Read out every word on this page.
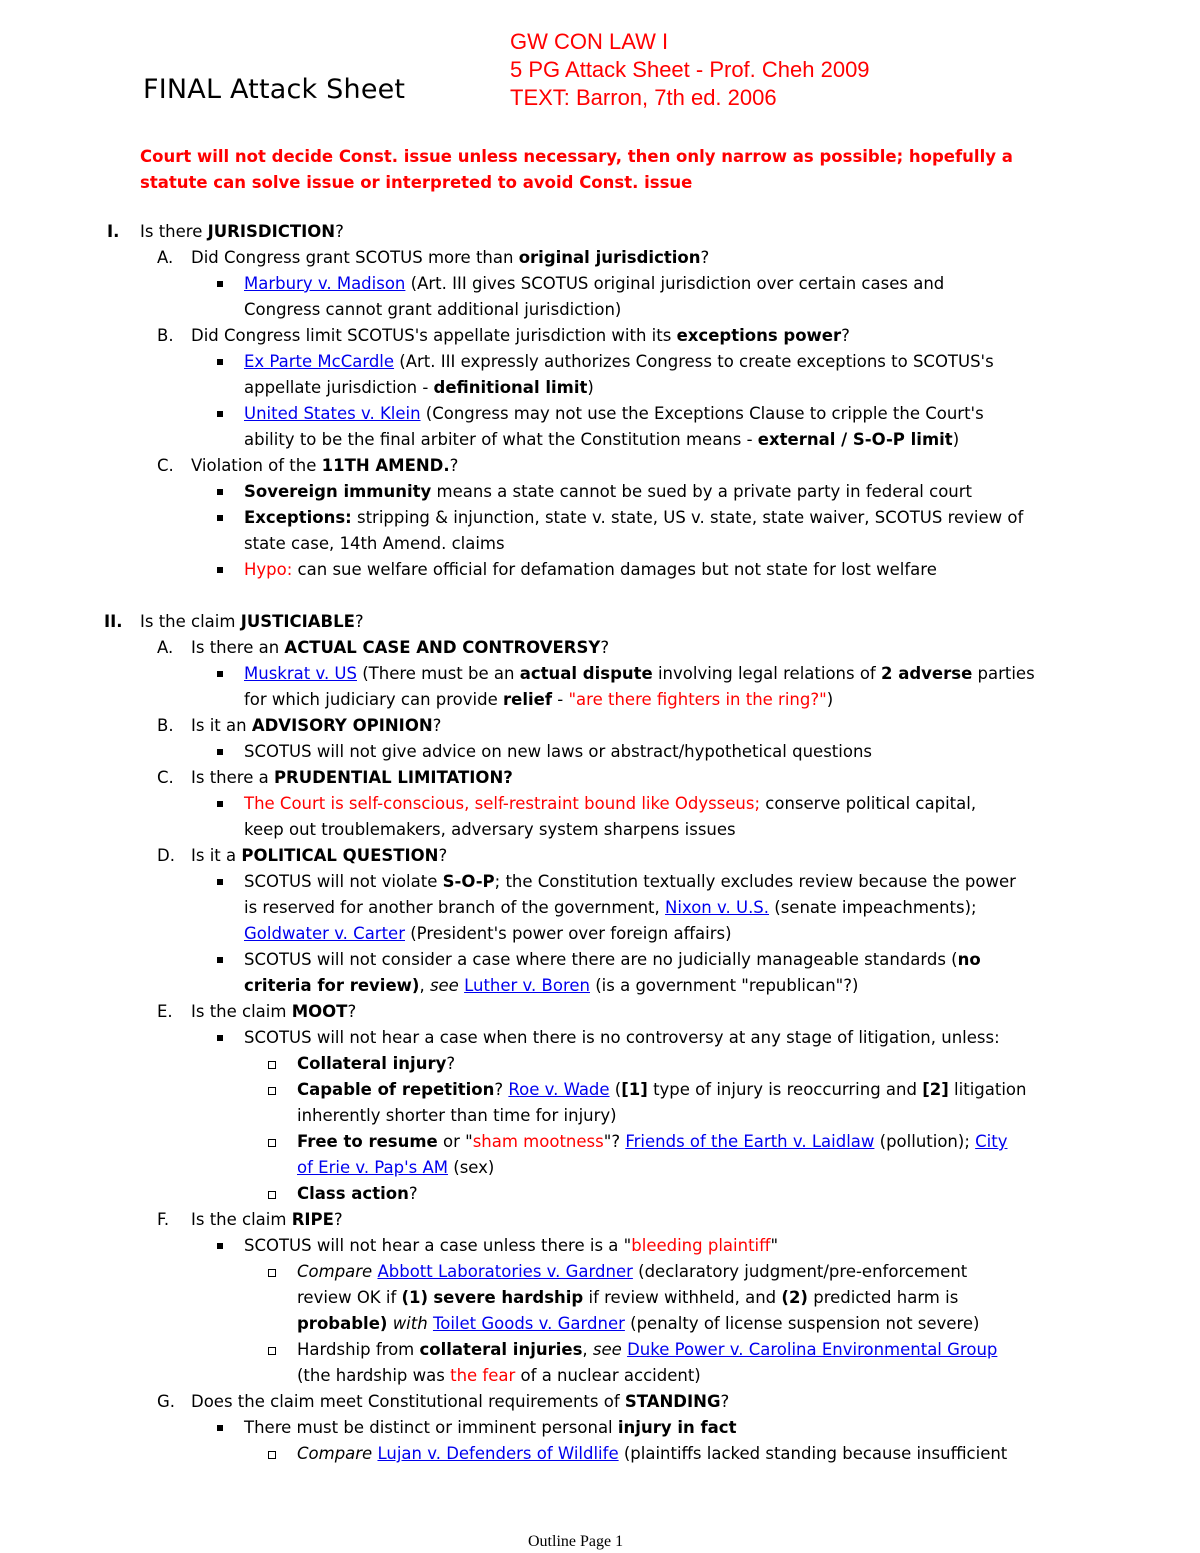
FINAL Attack Sheet
GW CON LAW I
5 PG Attack Sheet - Prof. Cheh 2009
TEXT: Barron, 7th ed. 2006
Court will not decide Const. issue unless necessary, then only narrow as possible; hopefully a statute can solve issue or interpreted to avoid Const. issue
I. Is there JURISDICTION?
A. Did Congress grant SCOTUS more than original jurisdiction?
Marbury v. Madison (Art. III gives SCOTUS original jurisdiction over certain cases and
Congress cannot grant additional jurisdiction)
B. Did Congress limit SCOTUS's appellate jurisdiction with its exceptions power?
Ex Parte McCardle (Art. III expressly authorizes Congress to create exceptions to SCOTUS's
appellate jurisdiction - definitional limit)
United States v. Klein (Congress may not use the Exceptions Clause to cripple the Court's
ability to be the final arbiter of what the Constitution means - external / S-O-P limit)
C. Violation of the 11TH AMEND.?
Sovereign immunity means a state cannot be sued by a private party in federal court
Exceptions: stripping & injunction, state v. state, US v. state, state waiver, SCOTUS review of
state case, 14th Amend. claims
Hypo: can sue welfare official for defamation damages but not state for lost welfare
II. Is the claim JUSTICIABLE?
A. Is there an ACTUAL CASE AND CONTROVERSY?
Muskrat v. US (There must be an actual dispute involving legal relations of 2 adverse parties
for which judiciary can provide relief - "are there fighters in the ring?")
B. Is it an ADVISORY OPINION?
SCOTUS will not give advice on new laws or abstract/hypothetical questions
C. Is there a PRUDENTIAL LIMITATION?
The Court is self-conscious, self-restraint bound like Odysseus; conserve political capital,
keep out troublemakers, adversary system sharpens issues
D. Is it a POLITICAL QUESTION?
SCOTUS will not violate S-O-P; the Constitution textually excludes review because the power
is reserved for another branch of the government, Nixon v. U.S. (senate impeachments);
Goldwater v. Carter (President's power over foreign affairs)
SCOTUS will not consider a case where there are no judicially manageable standards (no
criteria for review), see Luther v. Boren (is a government "republican"?)
E. Is the claim MOOT?
SCOTUS will not hear a case when there is no controversy at any stage of litigation, unless:
Collateral injury?
Capable of repetition? Roe v. Wade ([1] type of injury is reoccurring and [2] litigation
inherently shorter than time for injury)
Free to resume or "sham mootness"? Friends of the Earth v. Laidlaw (pollution); City
of Erie v. Pap's AM (sex)
Class action?
F. Is the claim RIPE?
SCOTUS will not hear a case unless there is a "bleeding plaintiff"
Compare Abbott Laboratories v. Gardner (declaratory judgment/pre-enforcement
review OK if (1) severe hardship if review withheld, and (2) predicted harm is
probable) with Toilet Goods v. Gardner (penalty of license suspension not severe)
Hardship from collateral injuries, see Duke Power v. Carolina Environmental Group
(the hardship was the fear of a nuclear accident)
G. Does the claim meet Constitutional requirements of STANDING?
There must be distinct or imminent personal injury in fact
Compare Lujan v. Defenders of Wildlife (plaintiffs lacked standing because insufficient
Outline Page 1
